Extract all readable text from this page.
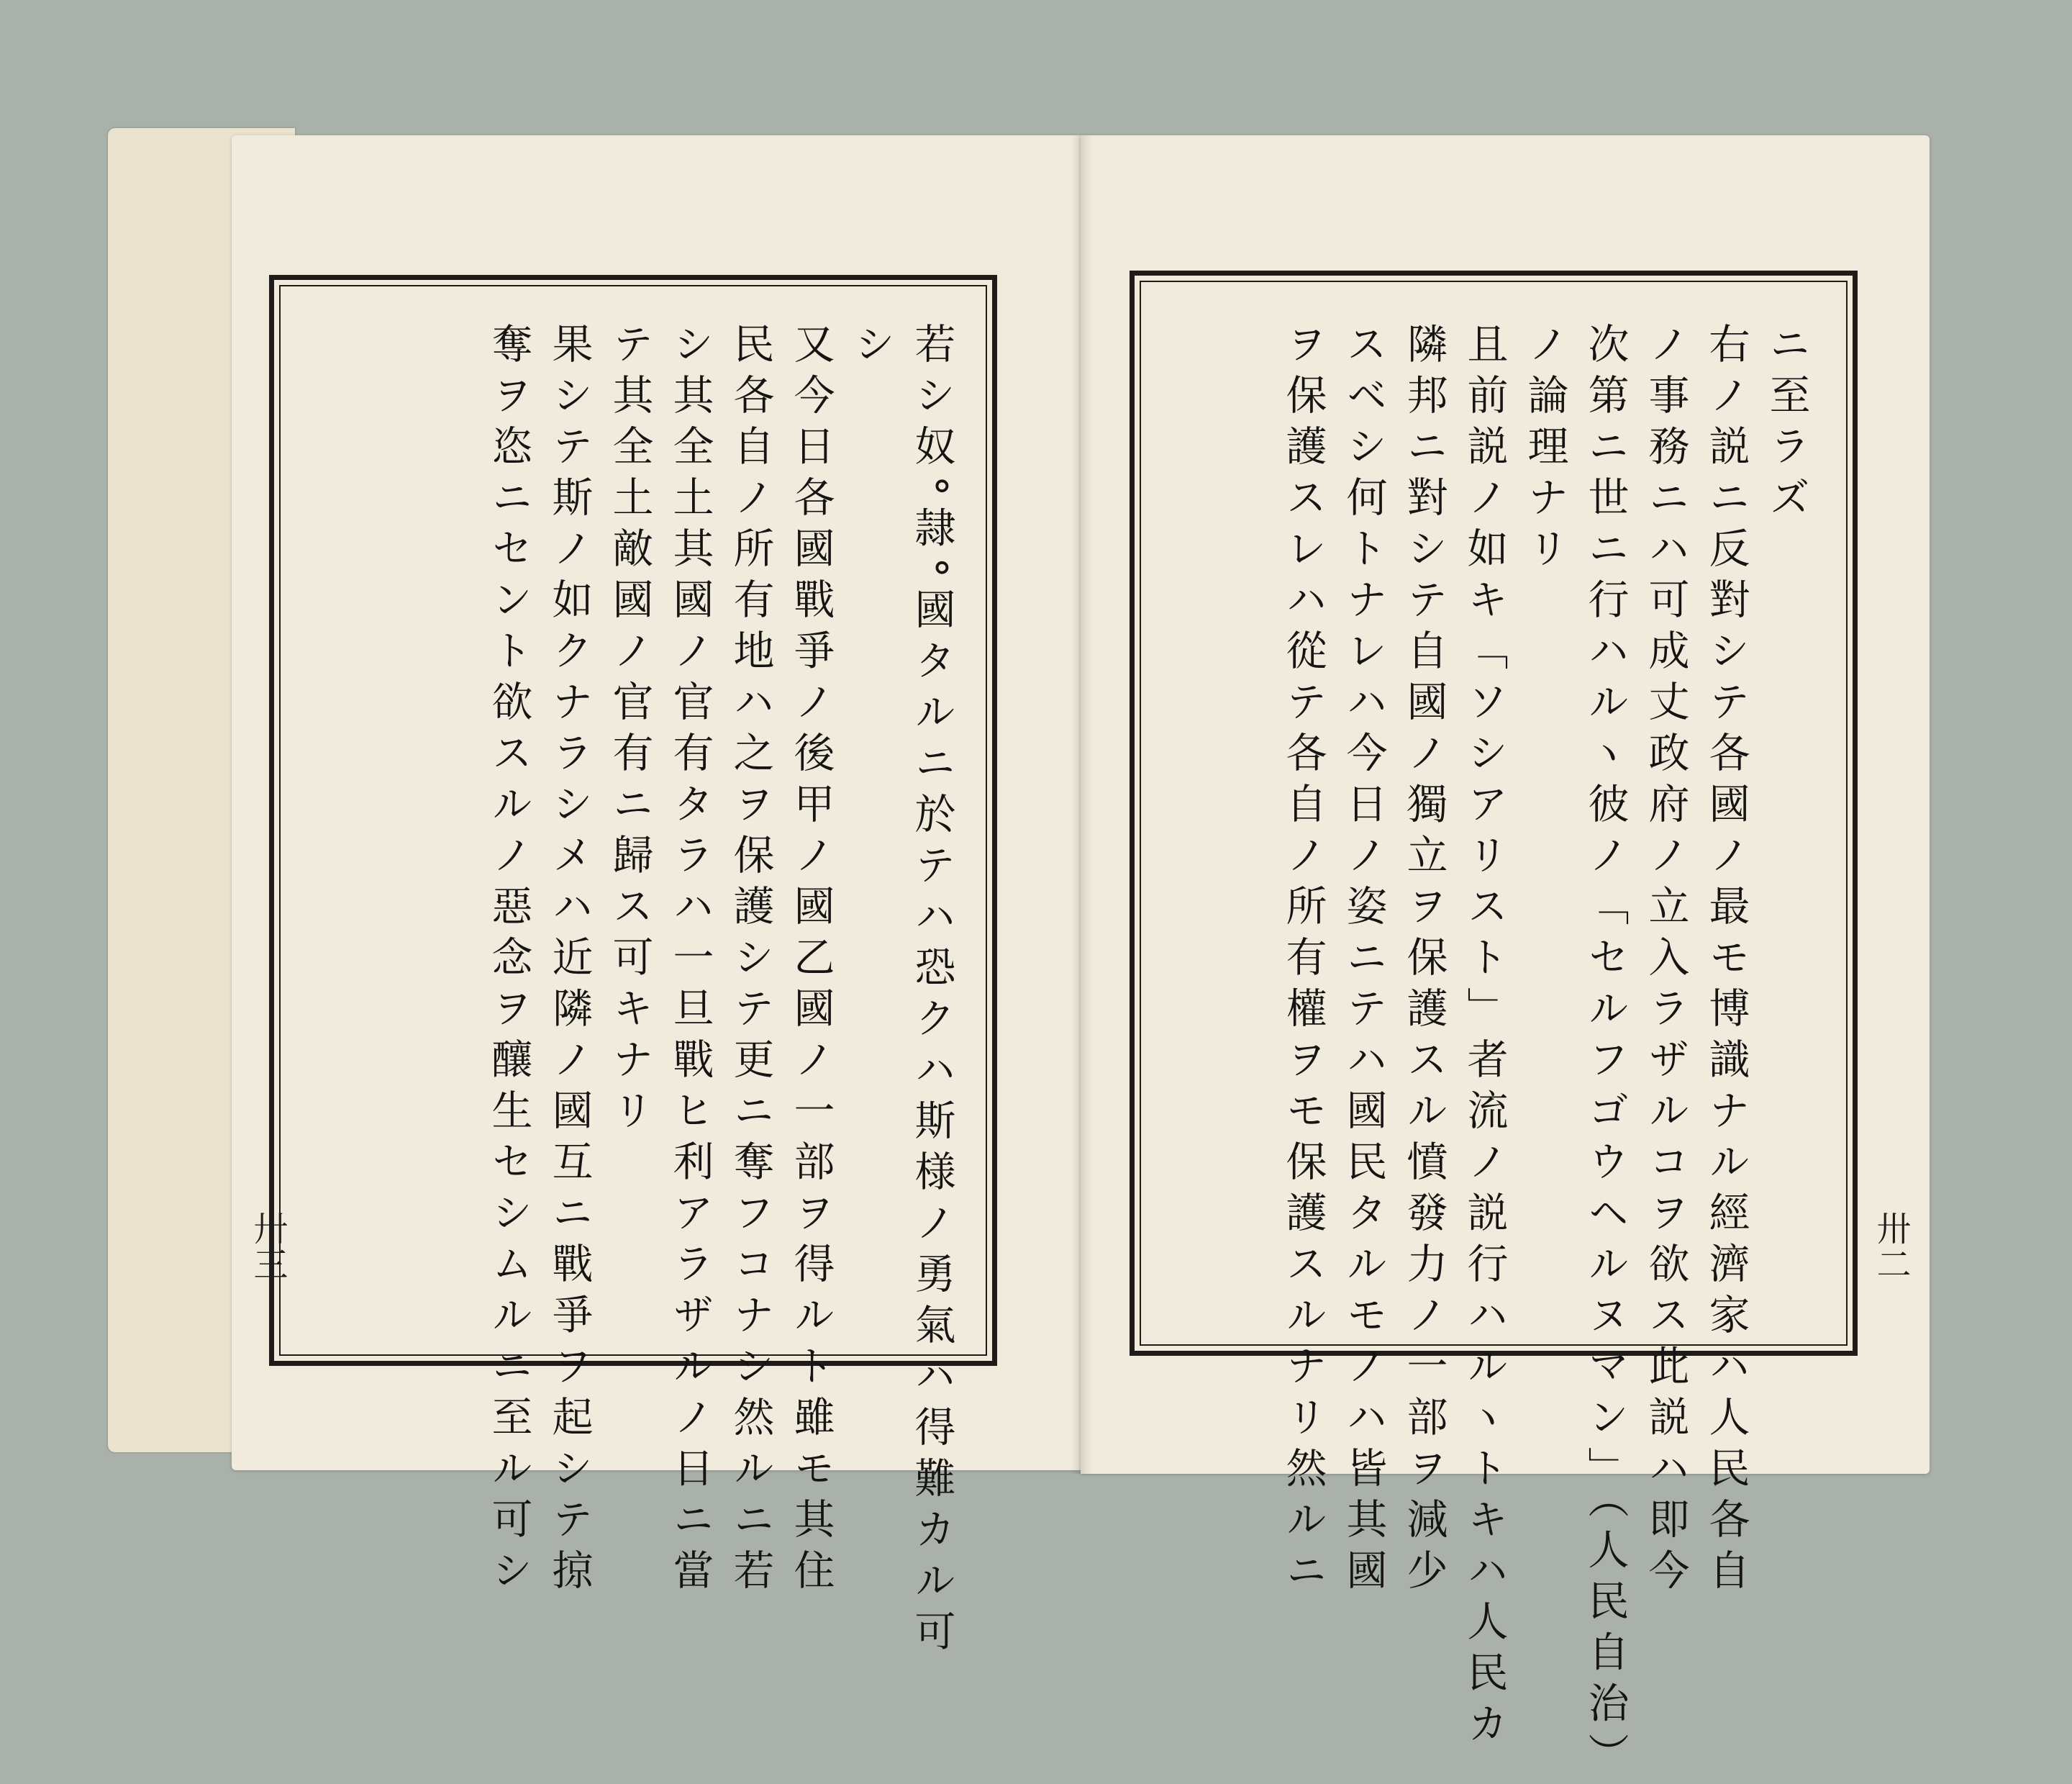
ニ至ラズ
右ノ説ニ反對シテ各國ノ最モ博識ナル經濟家ハ人民各自
ノ事務ニハ可成丈政府ノ立入ラザルコヲ欲ス此説ハ即今
次第ニ世ニ行ハルヽ彼ノ「セルフゴウヘルヌマン」（人民自治）
ノ論理ナリ
且前説ノ如キ「ソシアリスト」者流ノ説行ハルヽトキハ人民カ
隣邦ニ對シテ自國ノ獨立ヲ保護スル憤發力ノ一部ヲ減少
スベシ何トナレハ今日ノ姿ニテハ國民タルモノハ皆其國
ヲ保護スレハ從テ各自ノ所有權ヲモ保護スルナリ然ルニ	卅二
若シ奴°隷°國タルニ於テハ恐クハ斯様ノ勇氣ハ得難カル可
シ
又今日各國戰爭ノ後甲ノ國乙國ノ一部ヲ得ルト雖モ其住
民各自ノ所有地ハ之ヲ保護シテ更ニ奪フコナシ然ルニ若
シ其全土其國ノ官有タラハ一旦戰ヒ利アラザルノ日ニ當
テ其全土敵國ノ官有ニ歸ス可キナリ
果シテ斯ノ如クナラシメハ近隣ノ國互ニ戰爭ヲ起シテ掠
奪ヲ恣ニセント欲スルノ惡念ヲ釀生セシムルニ至ル可シ
卅三
